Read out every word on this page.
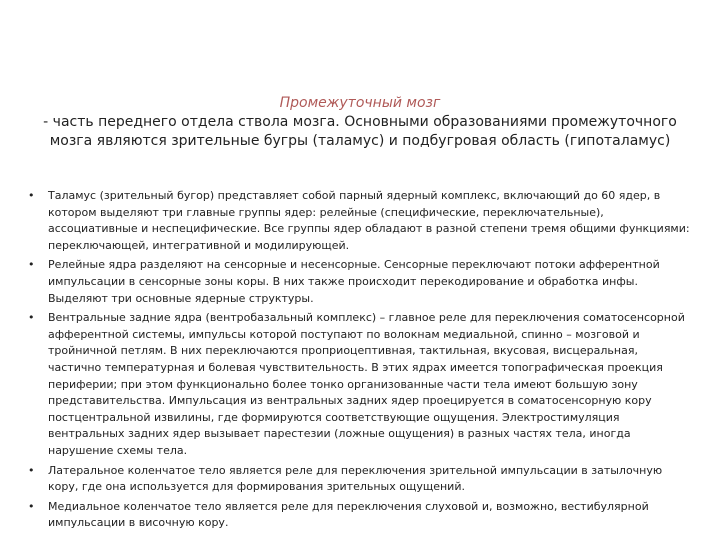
Промежуточный мозг
- часть переднего отдела ствола мозга. Основными образованиями промежуточного мозга являются зрительные бугры (таламус) и подбугровая область (гипоталамус)
• Таламус (зрительный бугор) представляет собой парный ядерный комплекс, включающий до 60 ядер, в котором выделяют три главные группы ядер: релейные (специфические, переключательные), ассоциативные и неспецифические. Все группы ядер обладают в разной степени тремя общими функциями: переключающей, интегративной и модилирующей.
• Релейные ядра разделяют на сенсорные и несенсорные. Сенсорные переключают потоки афферентной импульсации в сенсорные зоны коры. В них также происходит перекодирование и обработка инфы. Выделяют три основные ядерные структуры.
• Вентральные задние ядра (вентробазальный комплекс) – главное реле для переключения соматосенсорной афферентной системы, импульсы которой поступают по волокнам медиальной, спинно – мозговой и тройничной петлям. В них переключаются проприоцептивная, тактильная, вкусовая, висцеральная, частично температурная и болевая чувствительность. В этих ядрах имеется топографическая проекция периферии; при этом функционально более тонко организованные части тела имеют большую зону представительства. Импульсация из вентральных задних ядер проецируется в соматосенсорную кору постцентральной извилины, где формируются соответствующие ощущения. Электростимуляция вентральных задних ядер вызывает парестезии (ложные ощущения) в разных частях тела, иногда нарушение схемы тела.
• Латеральное коленчатое тело является реле для переключения зрительной импульсации в затылочную кору, где она используется для формирования зрительных ощущений.
• Медиальное коленчатое тело является реле для переключения слуховой и, возможно, вестибулярной импульсации в височную кору.
